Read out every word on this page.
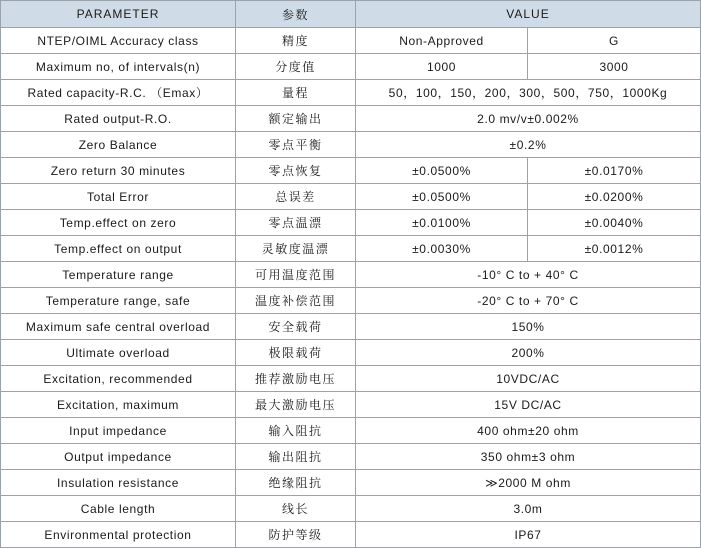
PARAMETER	参数	VALUE	
NTEP/OIML Accuracy class	精度	Non-Approved	G
Maximum no, of intervals(n)	分度值	1000	3000
Rated capacity-R.C. （Emax）	量程	50，100，150，200，300，500，750，1000Kg	
Rated output-R.O.	额定输出	2.0 mv/v±0.002%	
Zero Balance	零点平衡	±0.2%	
Zero return 30 minutes	零点恢复	±0.0500%	±0.0170%
Total Error	总误差	±0.0500%	±0.0200%
Temp.effect on zero	零点温漂	±0.0100%	±0.0040%
Temp.effect on output	灵敏度温漂	±0.0030%	±0.0012%
Temperature range	可用温度范围	-10° C to + 40° C	
Temperature range, safe	温度补偿范围	-20° C to + 70° C	
Maximum safe central overload	安全载荷	150%	
Ultimate overload	极限载荷	200%	
Excitation, recommended	推荐激励电压	10VDC/AC	
Excitation, maximum	最大激励电压	15V DC/AC	
Input impedance	输入阻抗	400 ohm±20 ohm	
Output impedance	输出阻抗	350 ohm±3 ohm	
Insulation resistance	绝缘阻抗	≫2000 M ohm	
Cable length	线长	3.0m	
Environmental protection	防护等级	IP67	
